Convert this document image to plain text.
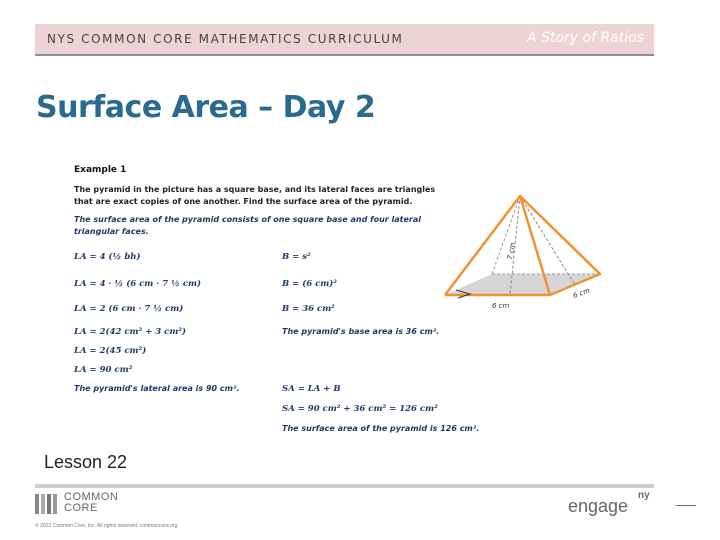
NYS COMMON CORE MATHEMATICS CURRICULUM	A Story of Ratios
Surface Area – Day 2
Example 1
The pyramid in the picture has a square base, and its lateral faces are triangles that are exact copies of one another. Find the surface area of the pyramid.
The surface area of the pyramid consists of one square base and four lateral triangular faces.
LA = 4 (½ bh)
LA = 4 · ½ (6 cm · 7 ½ cm)
LA = 2 (6 cm · 7 ½ cm)
LA = 2(42 cm² + 3 cm²)
LA = 2(45 cm²)
LA = 90 cm²
The pyramid's lateral area is 90 cm².
B = s²
B = (6 cm)²
B = 36 cm²
The pyramid's base area is 36 cm².
SA = LA + B
SA = 90 cm² + 36 cm² = 126 cm²
The surface area of the pyramid is 126 cm².
7 cm
6 cm
6 cm
Lesson 22
COMMON
CORE
© 2013 Common Core, Inc. All rights reserved. commoncore.org
engage
ny
